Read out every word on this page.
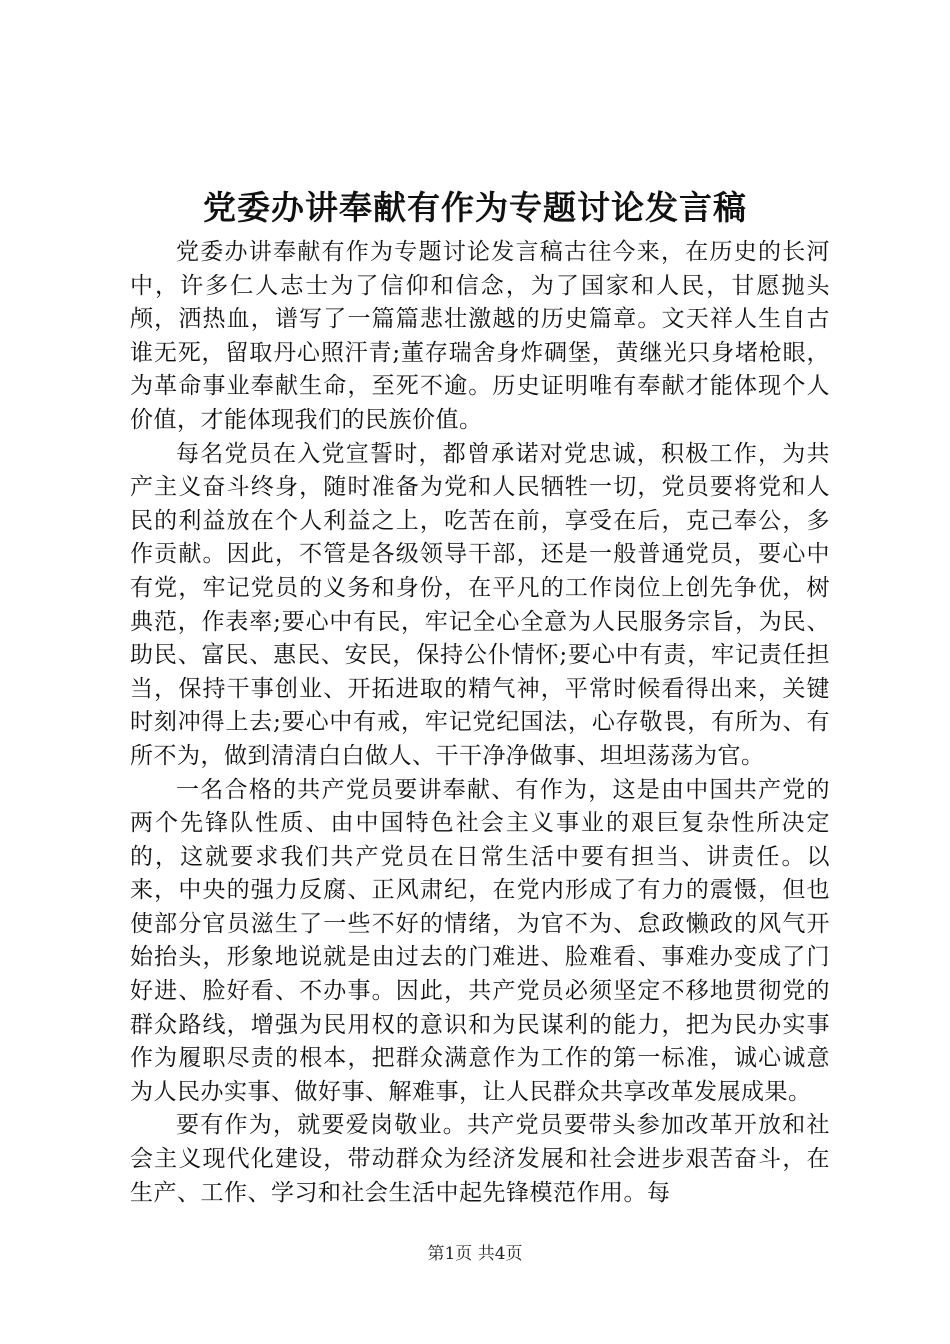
党委办讲奉献有作为专题讨论发言稿

党委办讲奉献有作为专题讨论发言稿古往今来，在历史的长河中，许多仁人志士为了信仰和信念，为了国家和人民，甘愿抛头颅，洒热血，谱写了一篇篇悲壮激越的历史篇章。文天祥人生自古谁无死，留取丹心照汗青;董存瑞舍身炸碉堡，黄继光只身堵枪眼，为革命事业奉献生命，至死不逾。历史证明唯有奉献才能体现个人价值，才能体现我们的民族价值。

每名党员在入党宣誓时，都曾承诺对党忠诚，积极工作，为共产主义奋斗终身，随时准备为党和人民牺牲一切，党员要将党和人民的利益放在个人利益之上，吃苦在前，享受在后，克己奉公，多作贡献。因此，不管是各级领导干部，还是一般普通党员，要心中有党，牢记党员的义务和身份，在平凡的工作岗位上创先争优，树典范，作表率;要心中有民，牢记全心全意为人民服务宗旨，为民、助民、富民、惠民、安民，保持公仆情怀;要心中有责，牢记责任担当，保持干事创业、开拓进取的精气神，平常时候看得出来，关键时刻冲得上去;要心中有戒，牢记党纪国法，心存敬畏，有所为、有所不为，做到清清白白做人、干干净净做事、坦坦荡荡为官。

一名合格的共产党员要讲奉献、有作为，这是由中国共产党的两个先锋队性质、由中国特色社会主义事业的艰巨复杂性所决定的，这就要求我们共产党员在日常生活中要有担当、讲责任。以来，中央的强力反腐、正风肃纪，在党内形成了有力的震慑，但也使部分官员滋生了一些不好的情绪，为官不为、怠政懒政的风气开始抬头，形象地说就是由过去的门难进、脸难看、事难办变成了门好进、脸好看、不办事。因此，共产党员必须坚定不移地贯彻党的群众路线，增强为民用权的意识和为民谋利的能力，把为民办实事作为履职尽责的根本，把群众满意作为工作的第一标准，诚心诚意为人民办实事、做好事、解难事，让人民群众共享改革发展成果。

要有作为，就要爱岗敬业。共产党员要带头参加改革开放和社会主义现代化建设，带动群众为经济发展和社会进步艰苦奋斗，在生产、工作、学习和社会生活中起先锋模范作用。每

第1页 共4页
